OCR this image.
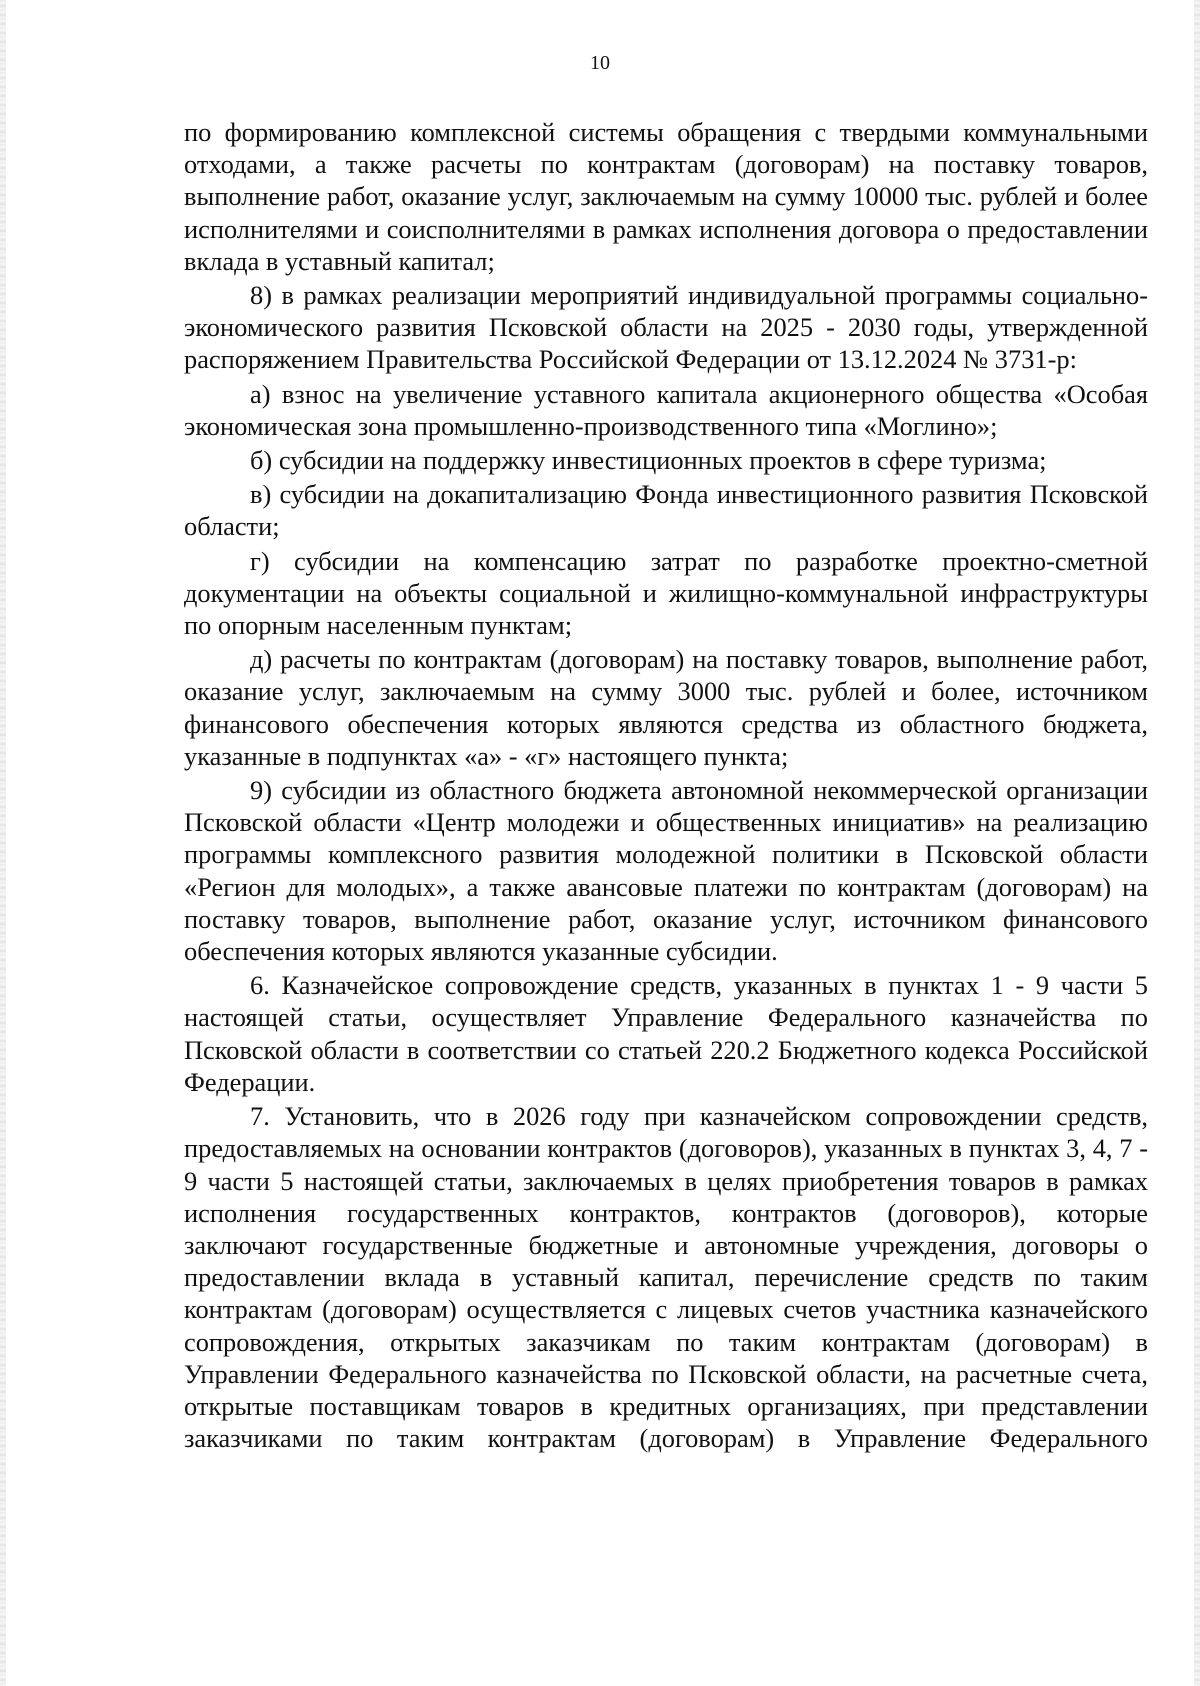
10

по формированию комплексной системы обращения с твердыми коммунальными отходами, а также расчеты по контрактам (договорам) на поставку товаров, выполнение работ, оказание услуг, заключаемым на сумму 10000 тыс. рублей и более исполнителями и соисполнителями в рамках исполнения договора о предоставлении вклада в уставный капитал;

8) в рамках реализации мероприятий индивидуальной программы социально-экономического развития Псковской области на 2025 - 2030 годы, утвержденной распоряжением Правительства Российской Федерации от 13.12.2024 № 3731-р:

а) взнос на увеличение уставного капитала акционерного общества «Особая экономическая зона промышленно-производственного типа «Моглино»;

б) субсидии на поддержку инвестиционных проектов в сфере туризма;

в) субсидии на докапитализацию Фонда инвестиционного развития Псковской области;

г) субсидии на компенсацию затрат по разработке проектно-сметной документации на объекты социальной и жилищно-коммунальной инфраструктуры по опорным населенным пунктам;

д) расчеты по контрактам (договорам) на поставку товаров, выполнение работ, оказание услуг, заключаемым на сумму 3000 тыс. рублей и более, источником финансового обеспечения которых являются средства из областного бюджета, указанные в подпунктах «а» - «г» настоящего пункта;

9) субсидии из областного бюджета автономной некоммерческой организации Псковской области «Центр молодежи и общественных инициатив» на реализацию программы комплексного развития молодежной политики в Псковской области «Регион для молодых», а также авансовые платежи по контрактам (договорам) на поставку товаров, выполнение работ, оказание услуг, источником финансового обеспечения которых являются указанные субсидии.

6. Казначейское сопровождение средств, указанных в пунктах 1 - 9 части 5 настоящей статьи, осуществляет Управление Федерального казначейства по Псковской области в соответствии со статьей 220.2 Бюджетного кодекса Российской Федерации.

7. Установить, что в 2026 году при казначейском сопровождении средств, предоставляемых на основании контрактов (договоров), указанных в пунктах 3, 4, 7 - 9 части 5 настоящей статьи, заключаемых в целях приобретения товаров в рамках исполнения государственных контрактов, контрактов (договоров), которые заключают государственные бюджетные и автономные учреждения, договоры о предоставлении вклада в уставный капитал, перечисление средств по таким контрактам (договорам) осуществляется с лицевых счетов участника казначейского сопровождения, открытых заказчикам по таким контрактам (договорам) в Управлении Федерального казначейства по Псковской области, на расчетные счета, открытые поставщикам товаров в кредитных организациях, при представлении заказчиками по таким контрактам (договорам) в Управление Федерального
